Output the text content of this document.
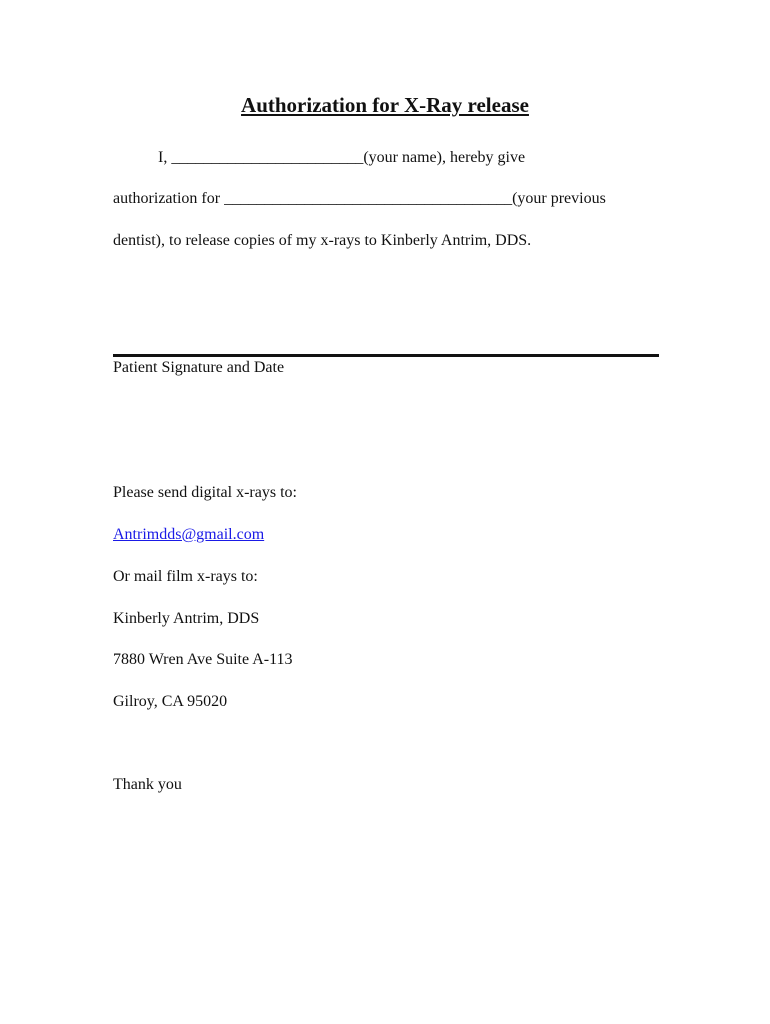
Authorization for X-Ray release
I, ________________________(your name), hereby give
authorization for ____________________________________(your previous
dentist), to release copies of my x-rays to Kinberly Antrim, DDS.
Patient Signature and Date
Please send digital x-rays to:
Antrimdds@gmail.com
Or mail film x-rays to:
Kinberly Antrim, DDS
7880 Wren Ave Suite A-113
Gilroy, CA 95020
Thank you
